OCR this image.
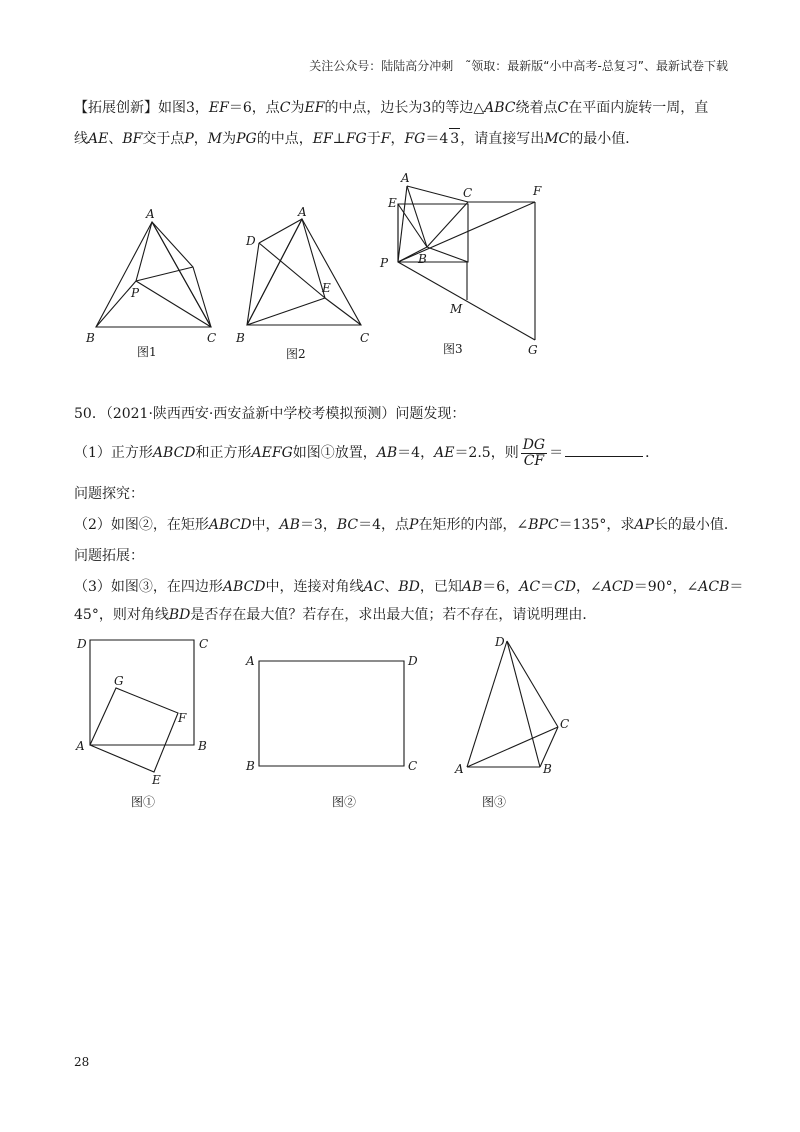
关注公众号：陆陆高分冲刺　˜领取：最新版“小中高考-总复习”、最新试卷下载
【拓展创新】如图3，EF＝6，点C为EF的中点，边长为3的等边△ABC绕着点C在平面内旋转一周，直
线AE、BF交于点P，M为PG的中点，EF⊥FG于F，FG＝4 3，请直接写出MC的最小值．
A
P
B	C
图1
A
D
E
B	C
图2
A
E
C	F
B
P
M
G
图3
50．（2021·陕西西安·西安益新中学校考模拟预测）问题发现：
（1）正方形ABCD和正方形AEFG如图①放置，AB＝4，AE＝2.5，则 $\frac{DG}{CF}$ ＝	．
问题探究：
（2）如图②，在矩形ABCD中，AB＝3，BC＝4，点P在矩形的内部，∠BPC＝135°，求AP长的最小值．
问题拓展：
（3）如图③，在四边形ABCD中，连接对角线AC、BD，已知AB＝6，AC＝CD，∠ACD＝90°，∠ACB＝
45°，则对角线BD是否存在最大值？若存在，求出最大值；若不存在，请说明理由．
D	C
G
F
A	B
E
图①
A	D
B	C
图②
D
C
A	B
图③
28
